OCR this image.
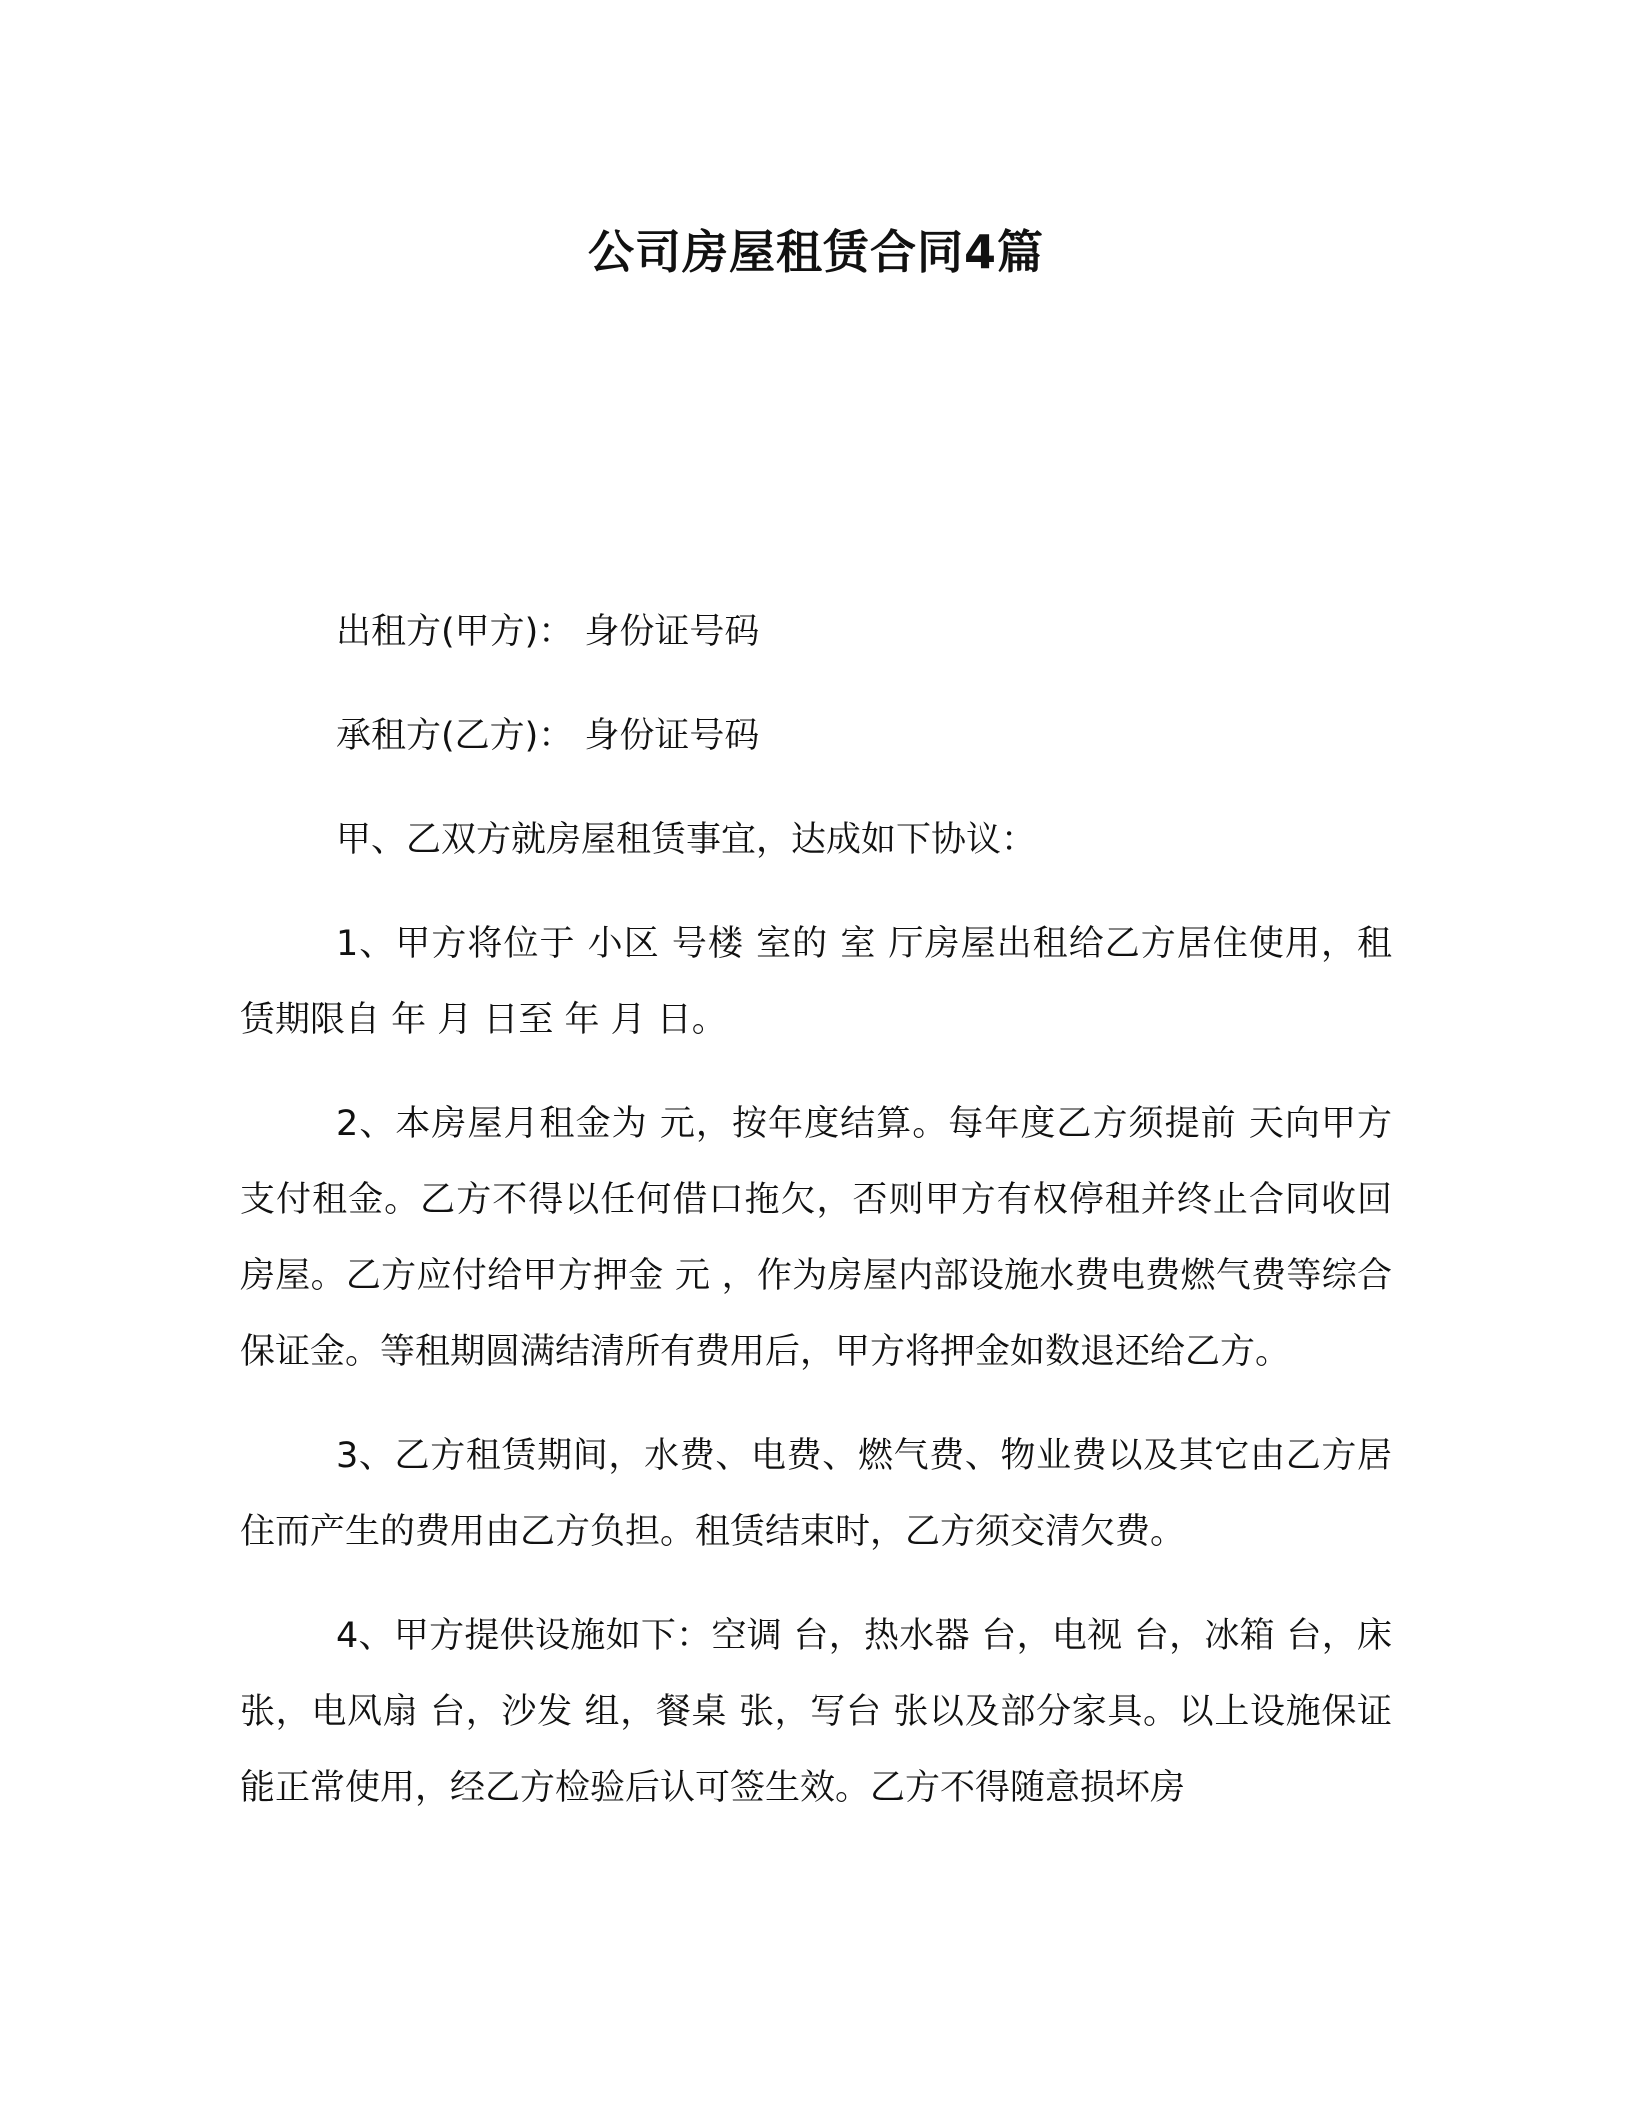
公司房屋租赁合同4篇

出租方(甲方)： 身份证号码

承租方(乙方)： 身份证号码

甲、乙双方就房屋租赁事宜，达成如下协议：

1、甲方将位于 小区 号楼 室的 室 厅房屋出租给乙方居住使用，租赁期限自 年 月 日至 年 月 日。

2、本房屋月租金为 元，按年度结算。每年度乙方须提前 天向甲方支付租金。乙方不得以任何借口拖欠，否则甲方有权停租并终止合同收回房屋。乙方应付给甲方押金 元 ，作为房屋内部设施水费电费燃气费等综合保证金。等租期圆满结清所有费用后，甲方将押金如数退还给乙方。

3、乙方租赁期间，水费、电费、燃气费、物业费以及其它由乙方居住而产生的费用由乙方负担。租赁结束时，乙方须交清欠费。

4、甲方提供设施如下：空调 台，热水器 台，电视 台，冰箱 台，床 张，电风扇 台，沙发 组，餐桌 张，写台 张以及部分家具。以上设施保证能正常使用，经乙方检验后认可签生效。乙方不得随意损坏房
